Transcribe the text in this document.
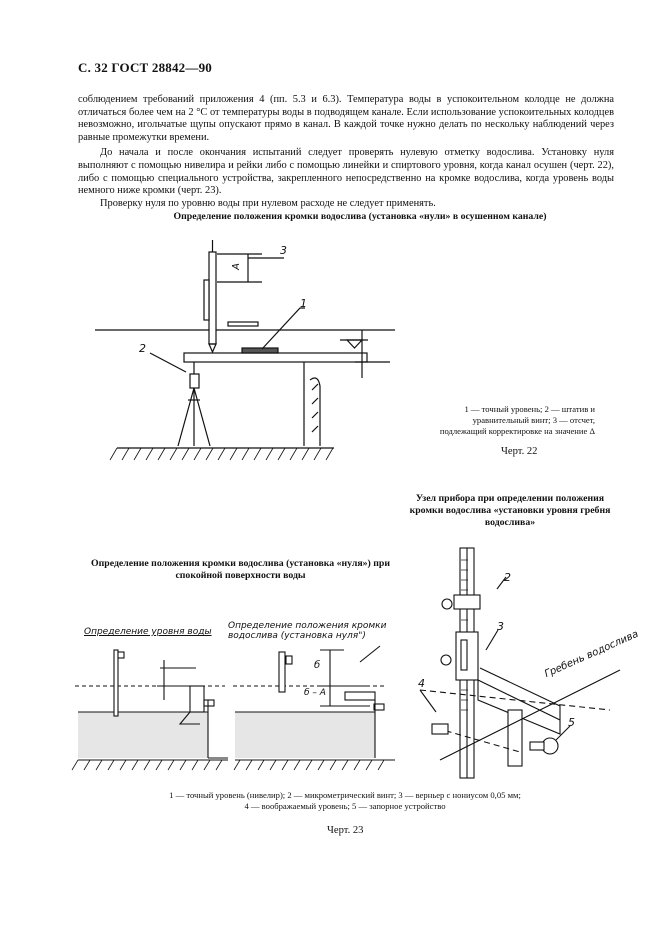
С. 32 ГОСТ 28842—90

соблюдением требований приложения 4 (пп. 5.3 и 6.3). Температура воды в успокоительном колодце не должна отличаться более чем на 2 °С от температуры воды в подводящем канале. Если использование успокоительных колодцев невозможно, игольчатые щупы опускают прямо в канал. В каждой точке нужно делать по нескольку наблюдений через равные промежутки времени.

До начала и после окончания испытаний следует проверять нулевую отметку водослива. Установку нуля выполняют с помощью нивелира и рейки либо с помощью линейки и спиртового уровня, когда канал осушен (черт. 22), либо с помощью специального устройства, закрепленного непосредственно на кромке водослива, когда уровень воды немного ниже кромки (черт. 23).

Проверку нуля по уровню воды при нулевом расходе не следует применять.

Определение положения кромки водослива (установка «нули» в осушенном канале)
3
А
1
2
1 — точный уровень; 2 — штатив и уравнительный винт; 3 — отсчет, подлежащий корректировке на значение Δ
Черт. 22
Узел прибора при определении положения кромки водослива «установки уровня гребня водослива»
Определение положения кромки водослива (установка «нуля») при спокойной поверхности воды
Определение уровня воды
Определение положения кромки водослива (установка нуля")
б
б – А
2
3
4
5
Гребень водослива
1 — точный уровень (нивелир); 2 — микрометрический винт; 3 — верньер с нониусом 0,05 мм;
4 — воображаемый уровень; 5 — запорное устройство
Черт. 23
